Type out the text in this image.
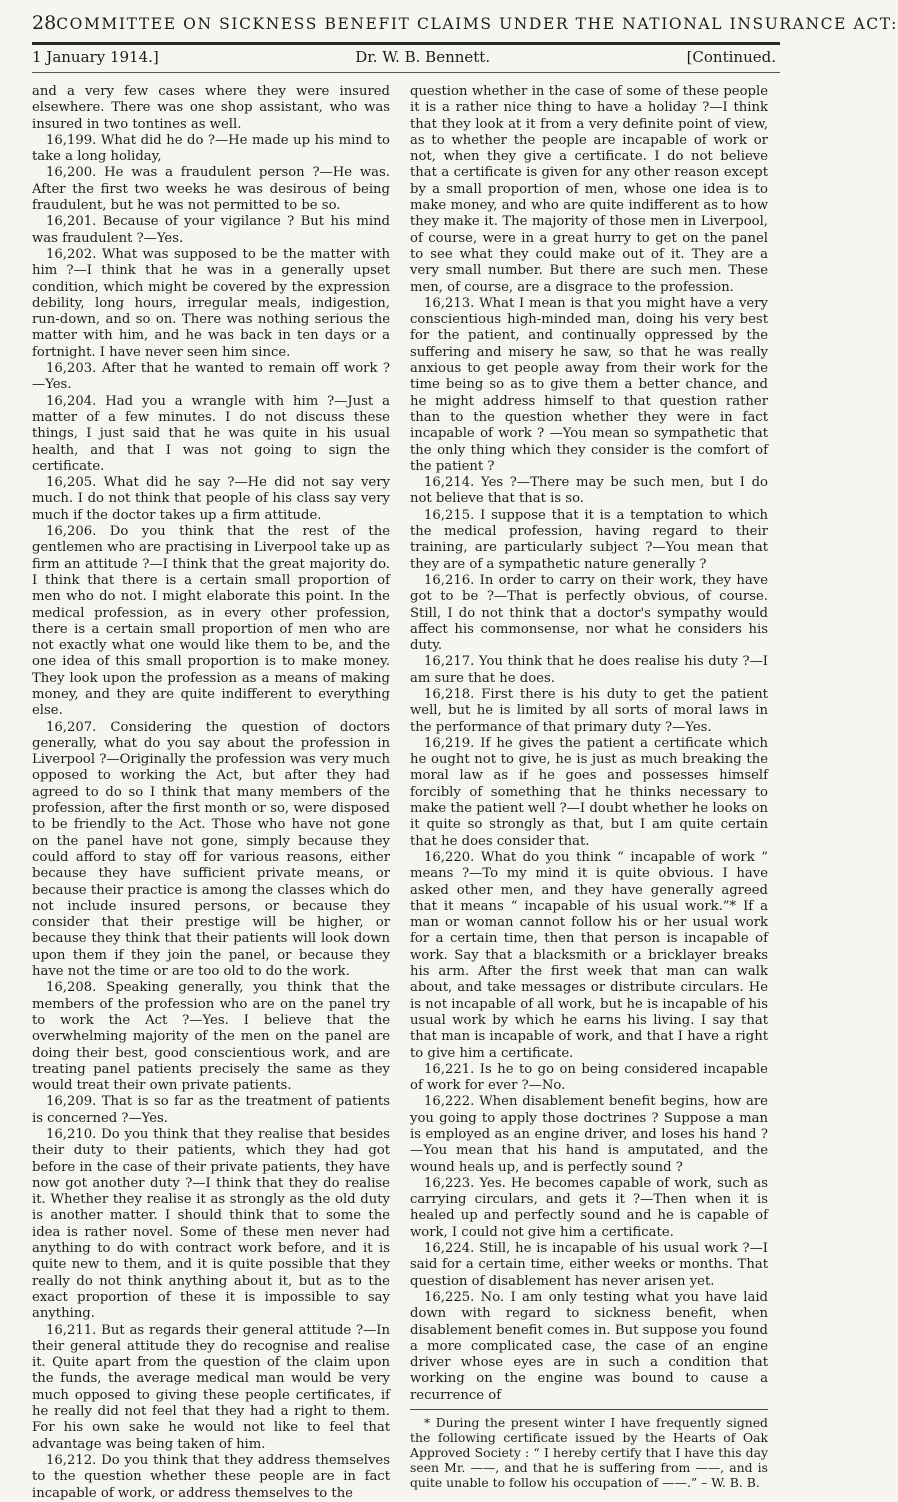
28 COMMITTEE ON SICKNESS BENEFIT CLAIMS UNDER THE NATIONAL INSURANCE ACT:
1 January 1914.]	Dr. W. B. Bennett.	[Continued.

and a very few cases where they were insured elsewhere. There was one shop assistant, who was insured in two tontines as well.

16,199. What did he do ?—He made up his mind to take a long holiday,

16,200. He was a fraudulent person ?—He was. After the first two weeks he was desirous of being fraudulent, but he was not permitted to be so.

16,201. Because of your vigilance ? But his mind was fraudulent ?—Yes.

16,202. What was supposed to be the matter with him ?—I think that he was in a generally upset condition, which might be covered by the expression debility, long hours, irregular meals, indigestion, run-down, and so on. There was nothing serious the matter with him, and he was back in ten days or a fortnight. I have never seen him since.

16,203. After that he wanted to remain off work ?—Yes.

16,204. Had you a wrangle with him ?—Just a matter of a few minutes. I do not discuss these things, I just said that he was quite in his usual health, and that I was not going to sign the certificate.

16,205. What did he say ?—He did not say very much. I do not think that people of his class say very much if the doctor takes up a firm attitude.

16,206. Do you think that the rest of the gentlemen who are practising in Liverpool take up as firm an attitude ?—I think that the great majority do. I think that there is a certain small proportion of men who do not. I might elaborate this point. In the medical profession, as in every other profession, there is a certain small proportion of men who are not exactly what one would like them to be, and the one idea of this small proportion is to make money. They look upon the profession as a means of making money, and they are quite indifferent to everything else.

16,207. Considering the question of doctors generally, what do you say about the profession in Liverpool ?—Originally the profession was very much opposed to working the Act, but after they had agreed to do so I think that many members of the profession, after the first month or so, were disposed to be friendly to the Act. Those who have not gone on the panel have not gone, simply because they could afford to stay off for various reasons, either because they have sufficient private means, or because their practice is among the classes which do not include insured persons, or because they consider that their prestige will be higher, or because they think that their patients will look down upon them if they join the panel, or because they have not the time or are too old to do the work.

16,208. Speaking generally, you think that the members of the profession who are on the panel try to work the Act ?—Yes. I believe that the overwhelming majority of the men on the panel are doing their best, good conscientious work, and are treating panel patients precisely the same as they would treat their own private patients.

16,209. That is so far as the treatment of patients is concerned ?—Yes.

16,210. Do you think that they realise that besides their duty to their patients, which they had got before in the case of their private patients, they have now got another duty ?—I think that they do realise it. Whether they realise it as strongly as the old duty is another matter. I should think that to some the idea is rather novel. Some of these men never had anything to do with contract work before, and it is quite new to them, and it is quite possible that they really do not think anything about it, but as to the exact proportion of these it is impossible to say anything.

16,211. But as regards their general attitude ?—In their general attitude they do recognise and realise it. Quite apart from the question of the claim upon the funds, the average medical man would be very much opposed to giving these people certificates, if he really did not feel that they had a right to them. For his own sake he would not like to feel that advantage was being taken of him.

16,212. Do you think that they address themselves to the question whether these people are in fact incapable of work, or address themselves to the

question whether in the case of some of these people it is a rather nice thing to have a holiday ?—I think that they look at it from a very definite point of view, as to whether the people are incapable of work or not, when they give a certificate. I do not believe that a certificate is given for any other reason except by a small proportion of men, whose one idea is to make money, and who are quite indifferent as to how they make it. The majority of those men in Liverpool, of course, were in a great hurry to get on the panel to see what they could make out of it. They are a very small number. But there are such men. These men, of course, are a disgrace to the profession.

16,213. What I mean is that you might have a very conscientious high-minded man, doing his very best for the patient, and continually oppressed by the suffering and misery he saw, so that he was really anxious to get people away from their work for the time being so as to give them a better chance, and he might address himself to that question rather than to the question whether they were in fact incapable of work ? —You mean so sympathetic that the only thing which they consider is the comfort of the patient ?

16,214. Yes ?—There may be such men, but I do not believe that that is so.

16,215. I suppose that it is a temptation to which the medical profession, having regard to their training, are particularly subject ?—You mean that they are of a sympathetic nature generally ?

16,216. In order to carry on their work, they have got to be ?—That is perfectly obvious, of course. Still, I do not think that a doctor's sympathy would affect his commonsense, nor what he considers his duty.

16,217. You think that he does realise his duty ?—I am sure that he does.

16,218. First there is his duty to get the patient well, but he is limited by all sorts of moral laws in the performance of that primary duty ?—Yes.

16,219. If he gives the patient a certificate which he ought not to give, he is just as much breaking the moral law as if he goes and possesses himself forcibly of something that he thinks necessary to make the patient well ?—I doubt whether he looks on it quite so strongly as that, but I am quite certain that he does consider that.

16,220. What do you think “ incapable of work ” means ?—To my mind it is quite obvious. I have asked other men, and they have generally agreed that it means “ incapable of his usual work.”* If a man or woman cannot follow his or her usual work for a certain time, then that person is incapable of work. Say that a blacksmith or a bricklayer breaks his arm. After the first week that man can walk about, and take messages or distribute circulars. He is not incapable of all work, but he is incapable of his usual work by which he earns his living. I say that that man is incapable of work, and that I have a right to give him a certificate.

16,221. Is he to go on being considered incapable of work for ever ?—No.

16,222. When disablement benefit begins, how are you going to apply those doctrines ? Suppose a man is employed as an engine driver, and loses his hand ?—You mean that his hand is amputated, and the wound heals up, and is perfectly sound ?

16,223. Yes. He becomes capable of work, such as carrying circulars, and gets it ?—Then when it is healed up and perfectly sound and he is capable of work, I could not give him a certificate.

16,224. Still, he is incapable of his usual work ?—I said for a certain time, either weeks or months. That question of disablement has never arisen yet.

16,225. No. I am only testing what you have laid down with regard to sickness benefit, when disablement benefit comes in. But suppose you found a more complicated case, the case of an engine driver whose eyes are in such a condition that working on the engine was bound to cause a recurrence of

* During the present winter I have frequently signed the following certificate issued by the Hearts of Oak Approved Society : “ I hereby certify that I have this day seen Mr. ——, and that he is suffering from ——, and is quite unable to follow his occupation of ——.” – W. B. B.
